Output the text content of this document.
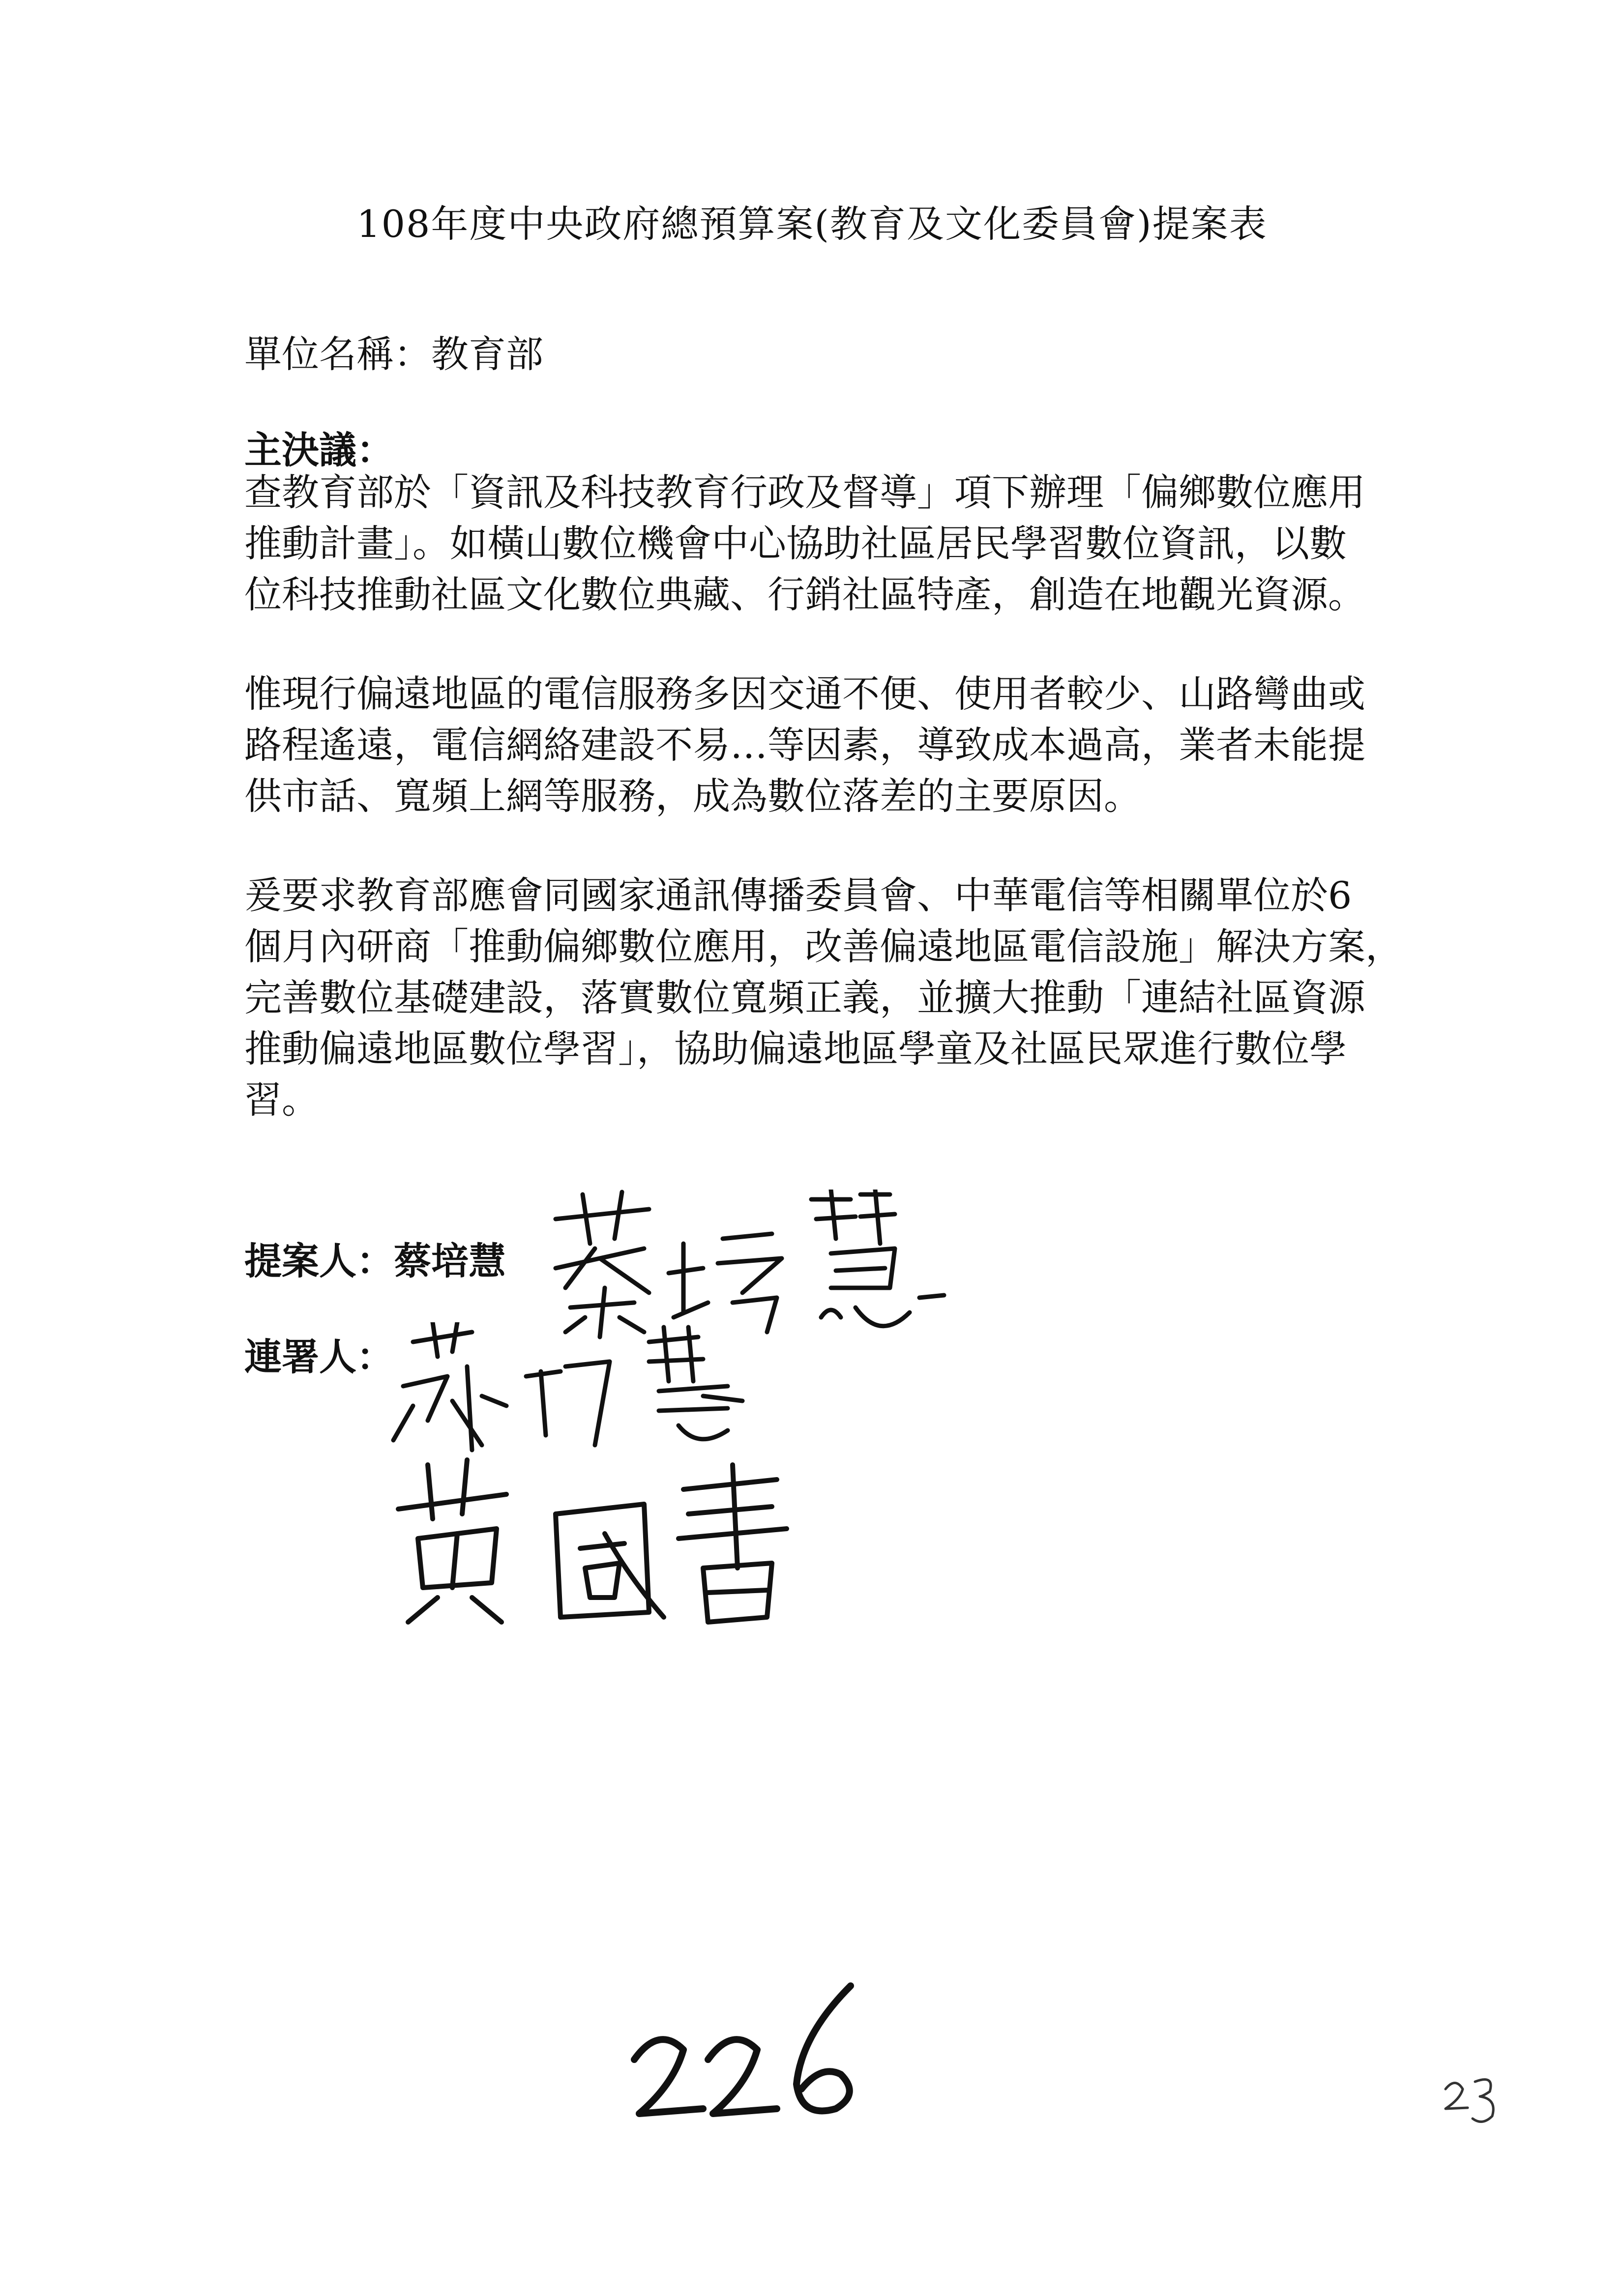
108年度中央政府總預算案(教育及文化委員會)提案表
單位名稱：教育部
主決議：
查教育部於「資訊及科技教育行政及督導」項下辦理「偏鄉數位應用
推動計畫」。如橫山數位機會中心協助社區居民學習數位資訊，以數
位科技推動社區文化數位典藏、行銷社區特產，創造在地觀光資源。
惟現行偏遠地區的電信服務多因交通不便、使用者較少、山路彎曲或
路程遙遠，電信網絡建設不易…等因素，導致成本過高，業者未能提
供市話、寬頻上網等服務，成為數位落差的主要原因。
爰要求教育部應會同國家通訊傳播委員會、中華電信等相關單位於6
個月內研商「推動偏鄉數位應用，改善偏遠地區電信設施」解決方案，
完善數位基礎建設，落實數位寬頻正義，並擴大推動「連結社區資源
推動偏遠地區數位學習」，協助偏遠地區學童及社區民眾進行數位學
習。
提案人：蔡培慧
連署人：
